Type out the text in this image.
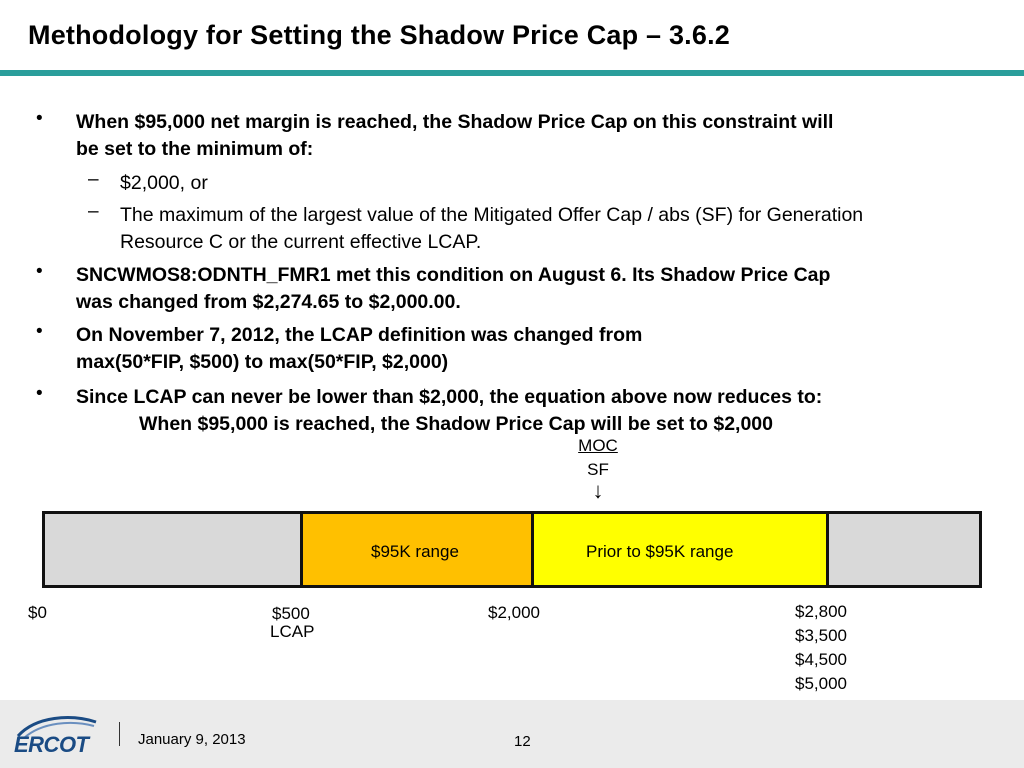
Methodology for Setting the Shadow Price Cap – 3.6.2
• When $95,000 net margin is reached, the Shadow Price Cap on this constraint will
be set to the minimum of:
– $2,000, or
– The maximum of the largest value of the Mitigated Offer Cap / abs (SF) for Generation
Resource C or the current effective LCAP.
• SNCWMOS8:ODNTH_FMR1 met this condition on August 6. Its Shadow Price Cap
was changed from $2,274.65 to $2,000.00.
• On November 7, 2012, the LCAP definition was changed from
max(50*FIP, $500) to max(50*FIP, $2,000)
• Since LCAP can never be lower than $2,000, the equation above now reduces to:
When $95,000 is reached, the Shadow Price Cap will be set to $2,000
MOC
SF
↓
$95K range	Prior to $95K range
$0	$500
LCAP
$2,000	$2,800
$3,500
$4,500
$5,000
ERCOT	January 9, 2013	12
